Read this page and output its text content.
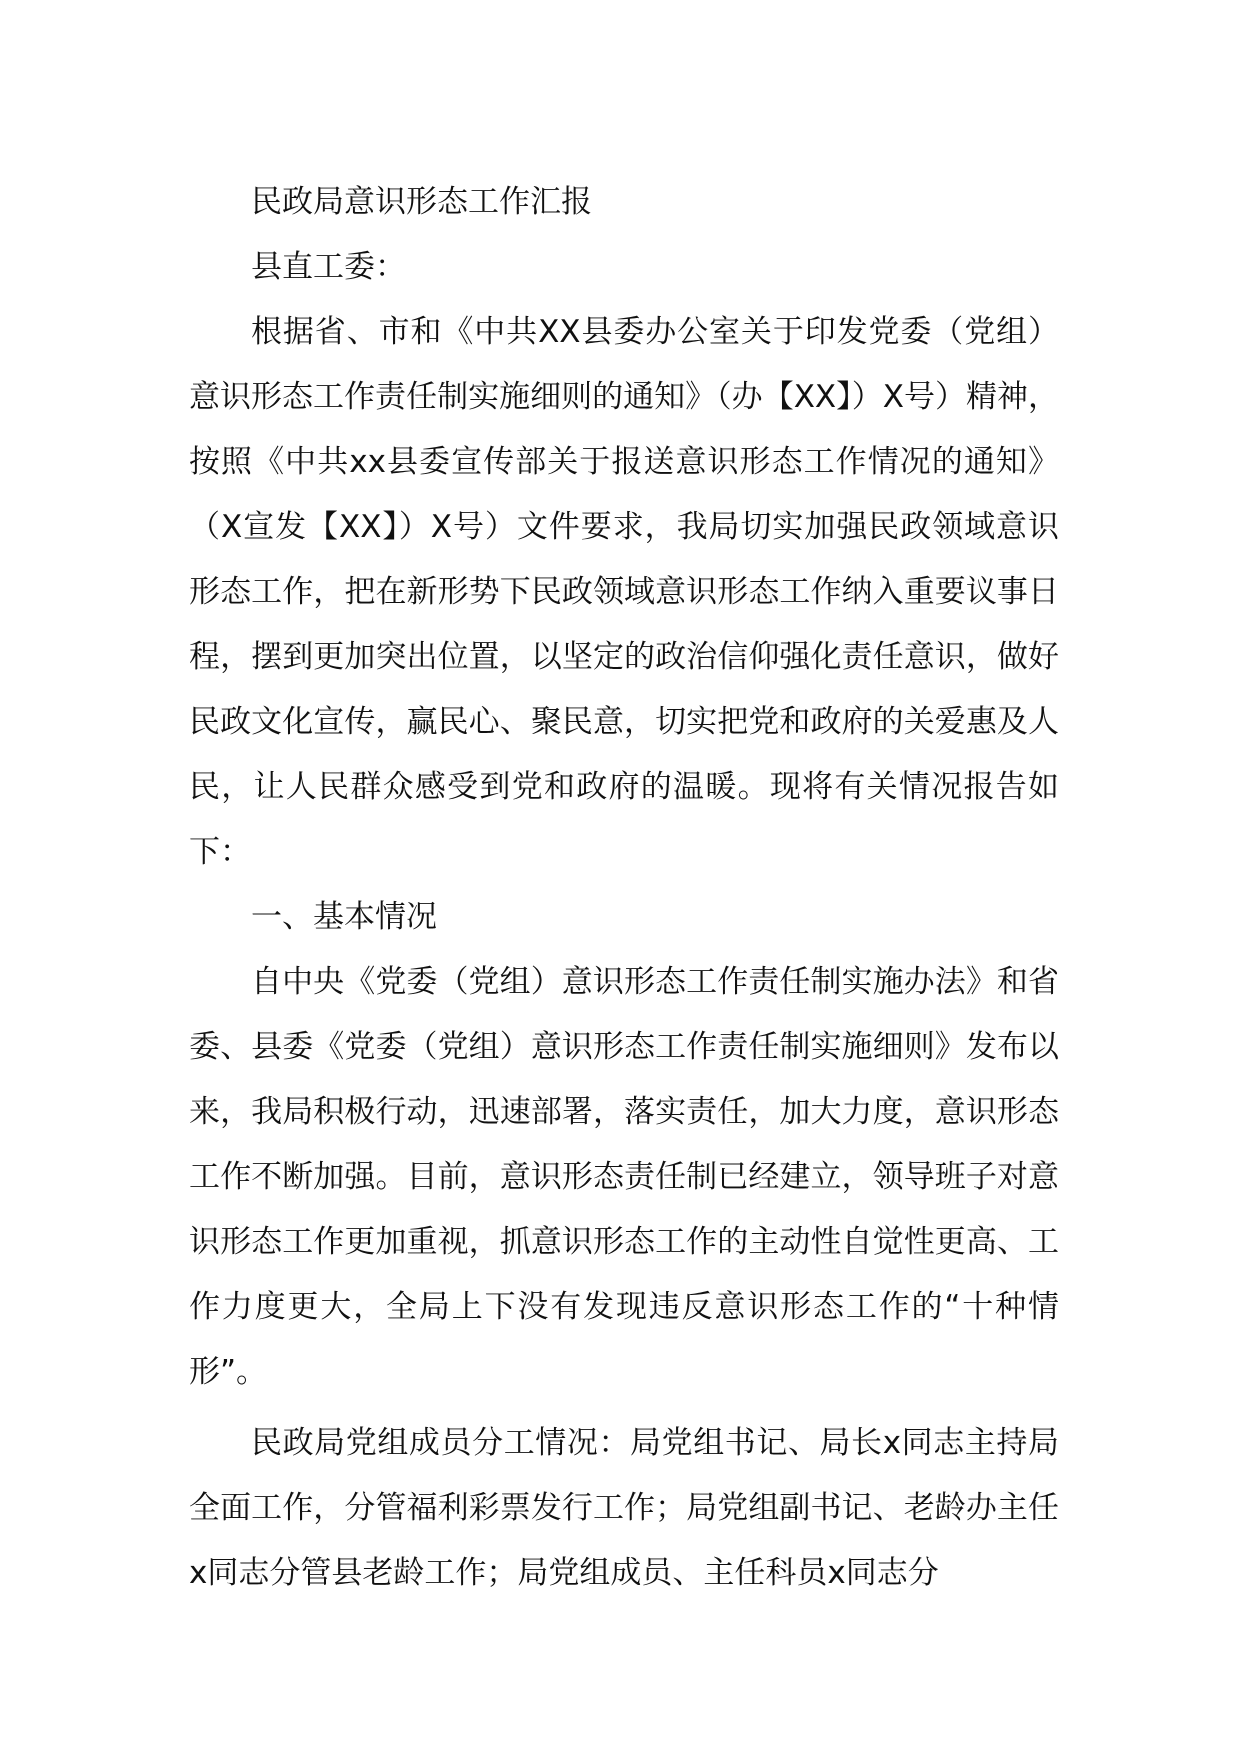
民政局意识形态工作汇报

县直工委：

根据省、市和《中共XX县委办公室关于印发党委（党组）意识形态工作责任制实施细则的通知》（办【XX】）X号）精神，按照《中共xx县委宣传部关于报送意识形态工作情况的通知》（X宣发【XX】）X号）文件要求，我局切实加强民政领域意识形态工作，把在新形势下民政领域意识形态工作纳入重要议事日程，摆到更加突出位置，以坚定的政治信仰强化责任意识，做好民政文化宣传，赢民心、聚民意，切实把党和政府的关爱惠及人民，让人民群众感受到党和政府的温暖。现将有关情况报告如下：

一、基本情况

自中央《党委（党组）意识形态工作责任制实施办法》和省委、县委《党委（党组）意识形态工作责任制实施细则》发布以来，我局积极行动，迅速部署，落实责任，加大力度，意识形态工作不断加强。目前，意识形态责任制已经建立，领导班子对意识形态工作更加重视，抓意识形态工作的主动性自觉性更高、工作力度更大，全局上下没有发现违反意识形态工作的“十种情形”。

民政局党组成员分工情况：局党组书记、局长x同志主持局全面工作，分管福利彩票发行工作；局党组副书记、老龄办主任x同志分管县老龄工作；局党组成员、主任科员x同志分
